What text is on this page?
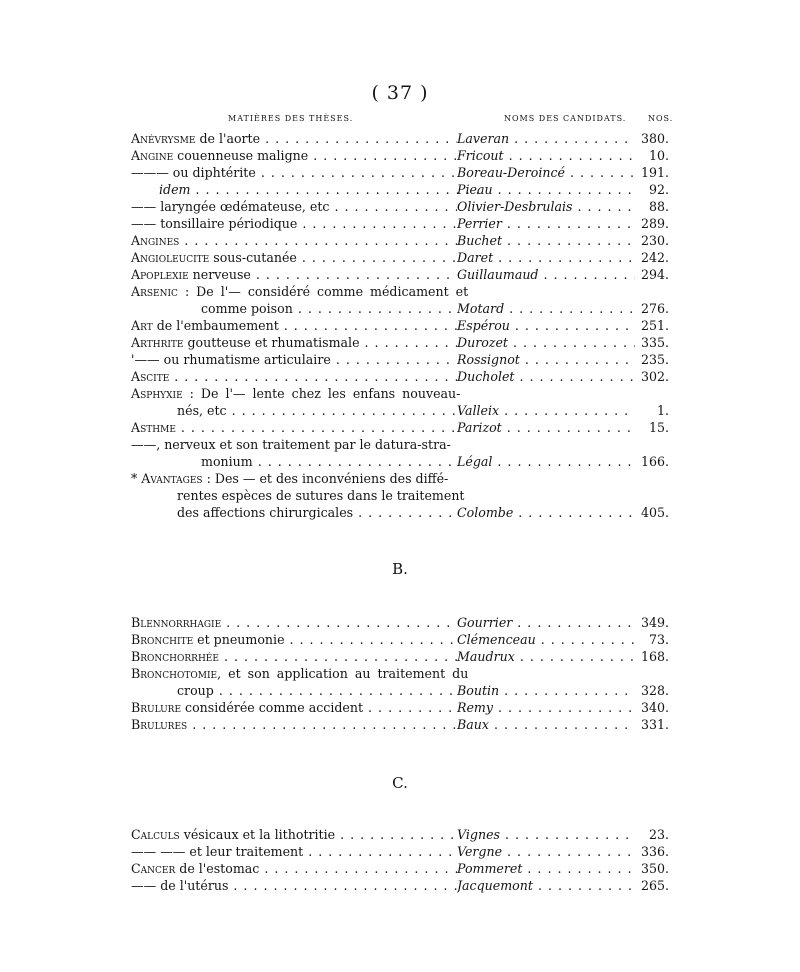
( 37 )
MATIÈRES DES THÈSES.	NOMS DES CANDIDATS.	NOS.
Anévrysme de l'aorte . . .	Laveran . . .	380.
Angine couenneuse maligne . . .	Fricout . . .	10.
——— ou diphtérite . . .	Boreau-Deroincé . . .	191.
idem . . .	Pieau . . .	92.
—— laryngée œdémateuse, etc . . .	Olivier-Desbrulais . . .	88.
—— tonsillaire périodique . . .	Perrier . . .	289.
Angines . . .	Buchet . . .	230.
Angioleucite sous-cutanée . . .	Daret . . .	242.
Apoplexie nerveuse . . .	Guillaumaud . . .	294.
Arsenic : De l'— considéré comme médicament et
comme poison . . .	Motard . . .	276.
Art de l'embaumement . . .	Espérou . . .	251.
Arthrite goutteuse et rhumatismale . . .	Durozet . . .	335.
'—— ou rhumatisme articulaire . . .	Rossignot . . .	235.
Ascite . . .	Ducholet . . .	302.
Asphyxie : De l'— lente chez les enfans nouveau-
nés, etc . . .	Valleix . . .	1.
Asthme . . .	Parizot . . .	15.
——, nerveux et son traitement par le datura-stra-
monium . . .	Légal . . .	166.
* Avantages : Des — et des inconvéniens des diffé-
rentes espèces de sutures dans le traitement
des affections chirurgicales . . .	Colombe . . .	405.
B.
Blennorrhagie . . .	Gourrier . . .	349.
Bronchite et pneumonie . . .	Clémenceau . . .	73.
Bronchorrhée . . .	Maudrux . . .	168.
Bronchotomie, et son application au traitement du
croup . . .	Boutin . . .	328.
Brulure considérée comme accident . . .	Remy . . .	340.
Brulures . . .	Baux . . .	331.
C.
Calculs vésicaux et la lithotritie . . .	Vignes . . .	23.
—— —— et leur traitement . . .	Vergne . . .	336.
Cancer de l'estomac . . .	Pommeret . . .	350.
—— de l'utérus . . .	Jacquemont . . .	265.
